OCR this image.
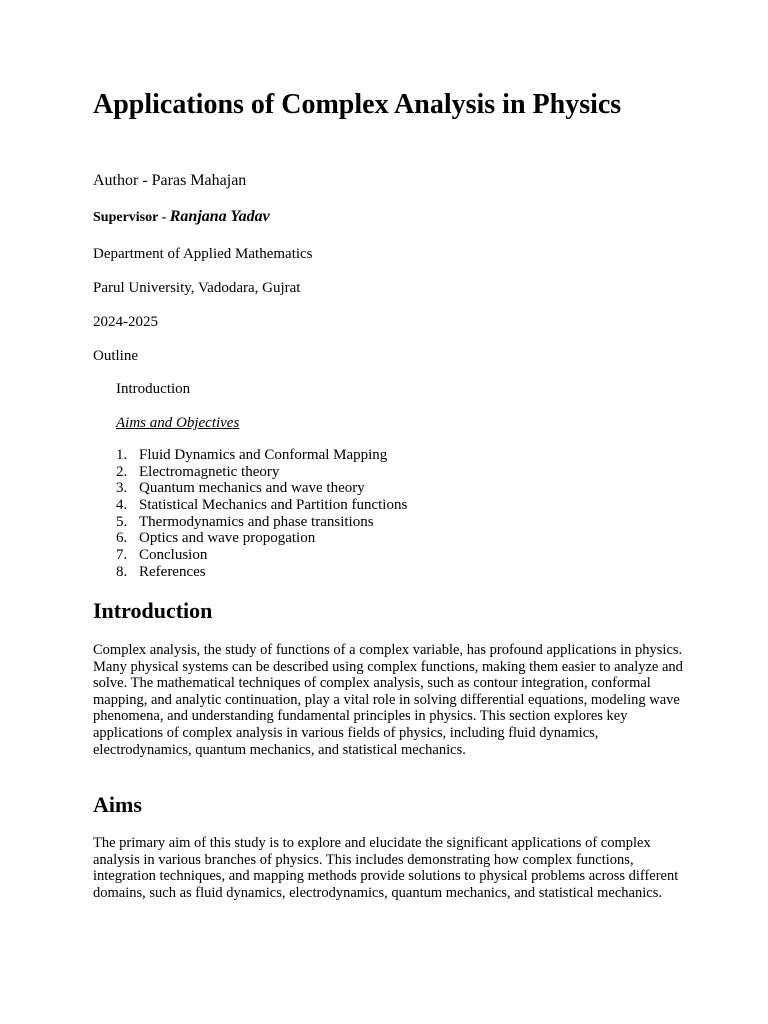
Applications of Complex Analysis in Physics

Author - Paras Mahajan

Supervisor - Ranjana Yadav

Department of Applied Mathematics

Parul University, Vadodara, Gujrat

2024-2025

Outline

Introduction

Aims and Objectives

1. Fluid Dynamics and Conformal Mapping
2. Electromagnetic theory
3. Quantum mechanics and wave theory
4. Statistical Mechanics and Partition functions
5. Thermodynamics and phase transitions
6. Optics and wave propogation
7. Conclusion
8. References
Introduction

Complex analysis, the study of functions of a complex variable, has profound applications in physics. Many physical systems can be described using complex functions, making them easier to analyze and solve. The mathematical techniques of complex analysis, such as contour integration, conformal mapping, and analytic continuation, play a vital role in solving differential equations, modeling wave phenomena, and understanding fundamental principles in physics. This section explores key applications of complex analysis in various fields of physics, including fluid dynamics, electrodynamics, quantum mechanics, and statistical mechanics.

Aims

The primary aim of this study is to explore and elucidate the significant applications of complex analysis in various branches of physics. This includes demonstrating how complex functions, integration techniques, and mapping methods provide solutions to physical problems across different domains, such as fluid dynamics, electrodynamics, quantum mechanics, and statistical mechanics.
